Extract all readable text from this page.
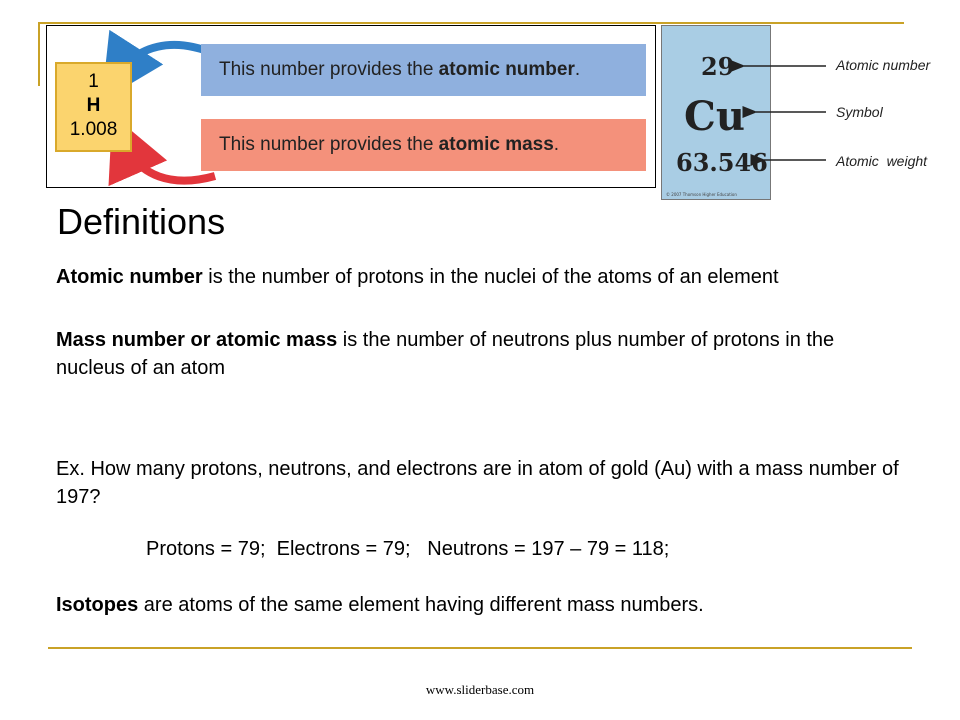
1
H
1.008
This number provides the atomic number.
This number provides the atomic mass.
29
Cu
63.546
© 2007 Thomson Higher Education
Atomic number
Symbol
Atomic  weight
Definitions
Atomic number is the number of protons in the nuclei of the atoms of an element
Mass number or atomic mass is the number of neutrons plus number of protons in the nucleus of an atom
Ex. How many protons, neutrons, and electrons are in atom of gold (Au) with a mass number of 197?
Protons = 79;  Electrons = 79;   Neutrons = 197 – 79 = 118;
Isotopes are atoms of the same element having different mass numbers.
www.sliderbase.com
